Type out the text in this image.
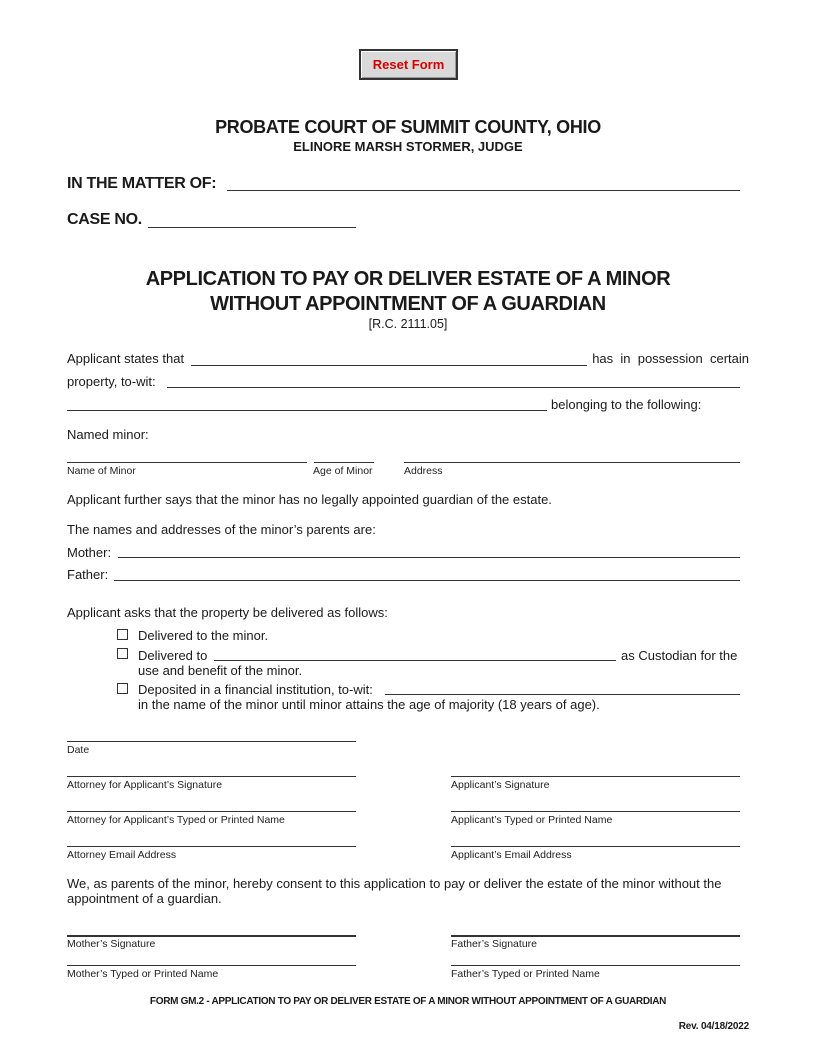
Reset Form
PROBATE COURT OF SUMMIT COUNTY, OHIO
ELINORE MARSH STORMER, JUDGE
IN THE MATTER OF:
CASE NO.
APPLICATION TO PAY OR DELIVER ESTATE OF A MINOR
WITHOUT APPOINTMENT OF A GUARDIAN
[R.C. 2111.05]
Applicant states that	has  in  possession  certain
property, to-wit:
belonging to the following:
Named minor:
Name of Minor	Age of Minor	Address
Applicant further says that the minor has no legally appointed guardian of the estate.
The names and addresses of the minor’s parents are:
Mother:
Father:
Applicant asks that the property be delivered as follows:
Delivered to the minor.
Delivered to	as Custodian for the
use and benefit of the minor.
Deposited in a financial institution, to-wit:
in the name of the minor until minor attains the age of majority (18 years of age).
Date
Attorney for Applicant’s Signature	Applicant’s Signature
Attorney for Applicant’s Typed or Printed Name	Applicant’s Typed or Printed Name
Attorney Email Address	Applicant’s Email Address
We, as parents of the minor, hereby consent to this application to pay or deliver the estate of the minor without the
appointment of a guardian.
Mother’s Signature	Father’s Signature
Mother’s Typed or Printed Name	Father’s Typed or Printed Name
FORM GM.2 - APPLICATION TO PAY OR DELIVER ESTATE OF A MINOR WITHOUT APPOINTMENT OF A GUARDIAN
Rev. 04/18/2022
